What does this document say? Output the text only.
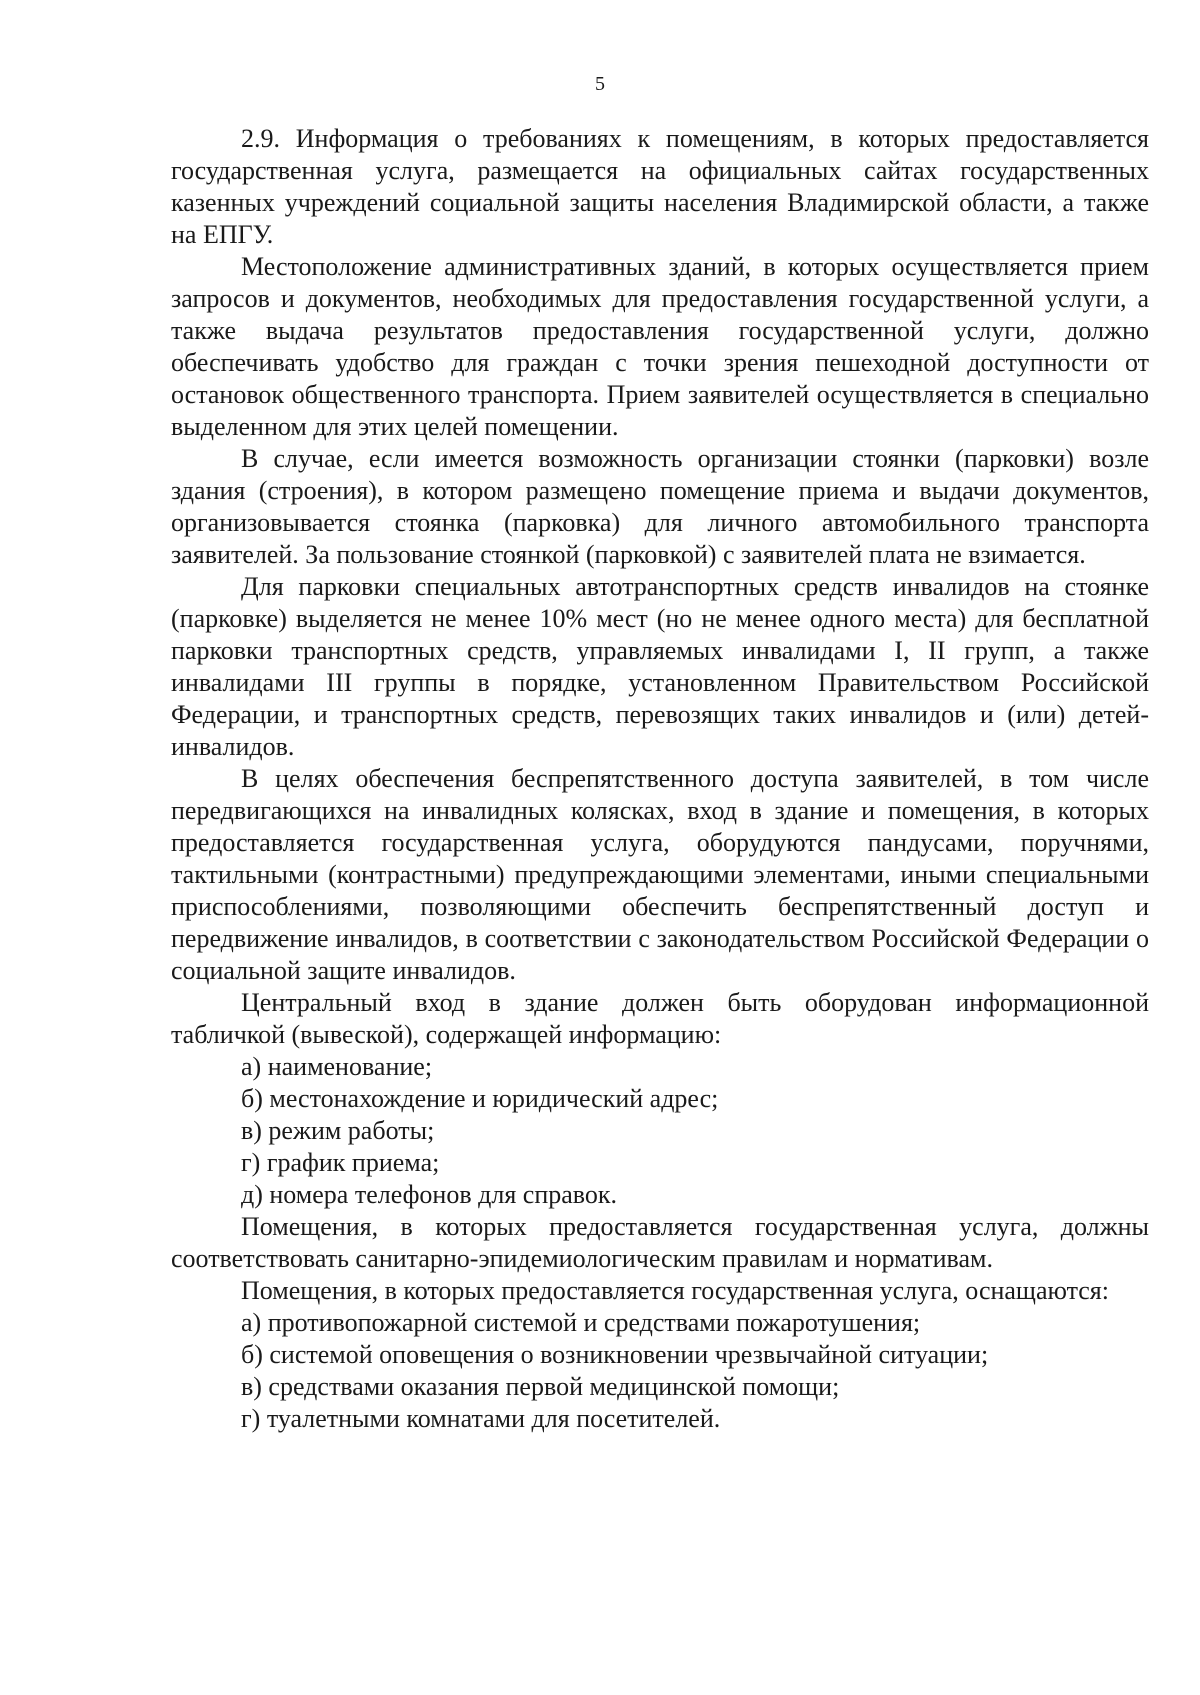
5

2.9. Информация о требованиях к помещениям, в которых предоставляется государственная услуга, размещается на официальных сайтах государственных казенных учреждений социальной защиты населения Владимирской области, а также на ЕПГУ.

Местоположение административных зданий, в которых осуществляется прием запросов и документов, необходимых для предоставления государственной услуги, а также выдача результатов предоставления государственной услуги, должно обеспечивать удобство для граждан с точки зрения пешеходной доступности от остановок общественного транспорта. Прием заявителей осуществляется в специально выделенном для этих целей помещении.

В случае, если имеется возможность организации стоянки (парковки) возле здания (строения), в котором размещено помещение приема и выдачи документов, организовывается стоянка (парковка) для личного автомобильного транспорта заявителей. За пользование стоянкой (парковкой) с заявителей плата не взимается.

Для парковки специальных автотранспортных средств инвалидов на стоянке (парковке) выделяется не менее 10% мест (но не менее одного места) для бесплатной парковки транспортных средств, управляемых инвалидами I, II групп, а также инвалидами III группы в порядке, установленном Правительством Российской Федерации, и транспортных средств, перевозящих таких инвалидов и (или) детей-инвалидов.

В целях обеспечения беспрепятственного доступа заявителей, в том числе передвигающихся на инвалидных колясках, вход в здание и помещения, в которых предоставляется государственная услуга, оборудуются пандусами, поручнями, тактильными (контрастными) предупреждающими элементами, иными специальными приспособлениями, позволяющими обеспечить беспрепятственный доступ и передвижение инвалидов, в соответствии с законодательством Российской Федерации о социальной защите инвалидов.

Центральный вход в здание должен быть оборудован информационной табличкой (вывеской), содержащей информацию:

а) наименование;

б) местонахождение и юридический адрес;

в) режим работы;

г) график приема;

д) номера телефонов для справок.

Помещения, в которых предоставляется государственная услуга, должны соответствовать санитарно-эпидемиологическим правилам и нормативам.

Помещения, в которых предоставляется государственная услуга, оснащаются:

а) противопожарной системой и средствами пожаротушения;

б) системой оповещения о возникновении чрезвычайной ситуации;

в) средствами оказания первой медицинской помощи;

г) туалетными комнатами для посетителей.
